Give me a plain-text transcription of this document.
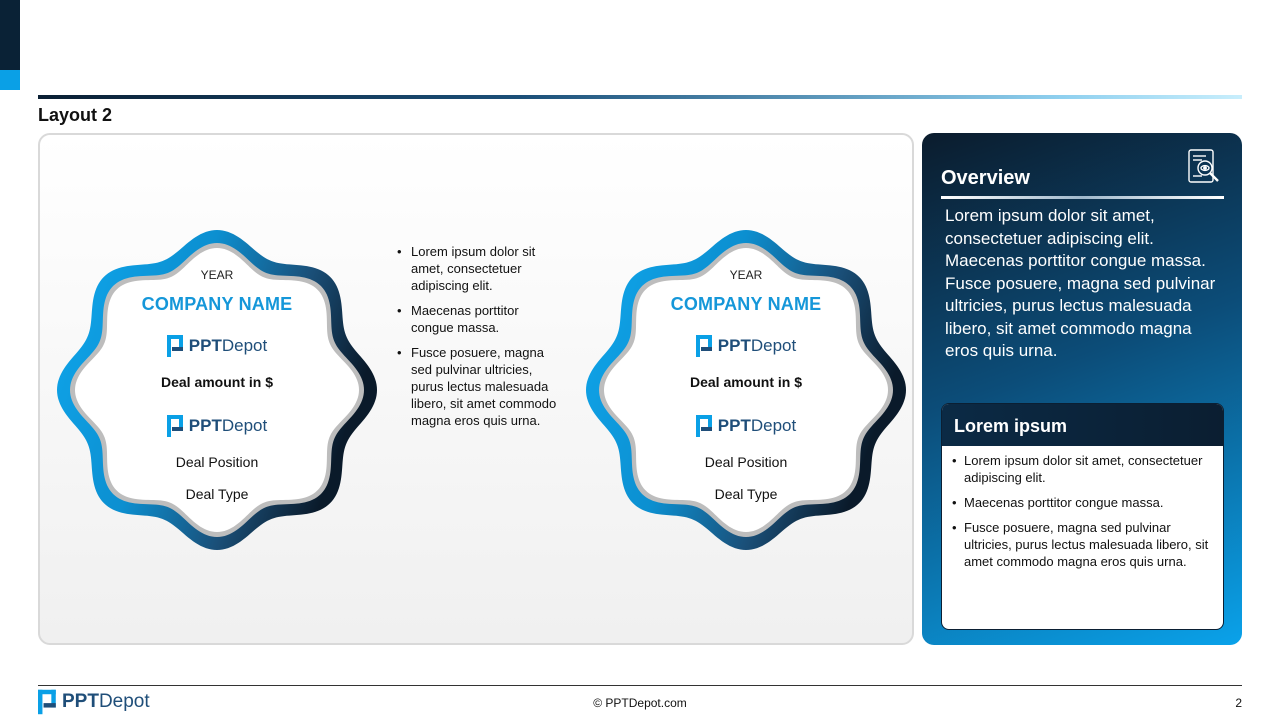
Layout 2
YEAR
COMPANY NAME
PPTDepot
Deal amount in $
PPTDepot
Deal Position
Deal Type
• Lorem ipsum dolor sit amet, consectetuer adipiscing elit.
• Maecenas porttitor congue massa.
• Fusce posuere, magna sed pulvinar ultricies, purus lectus malesuada libero, sit amet commodo magna eros quis urna.
YEAR
COMPANY NAME
PPTDepot
Deal amount in $
PPTDepot
Deal Position
Deal Type
Overview
Lorem ipsum dolor sit amet, consectetuer adipiscing elit. Maecenas porttitor congue massa. Fusce posuere, magna sed pulvinar ultricies, purus lectus malesuada libero, sit amet commodo magna eros quis urna.
Lorem ipsum
• Lorem ipsum dolor sit amet, consectetuer adipiscing elit.
• Maecenas porttitor congue massa.
• Fusce posuere, magna sed pulvinar ultricies, purus lectus malesuada libero, sit amet commodo magna eros quis urna.
PPTDepot	© PPTDepot.com	2
